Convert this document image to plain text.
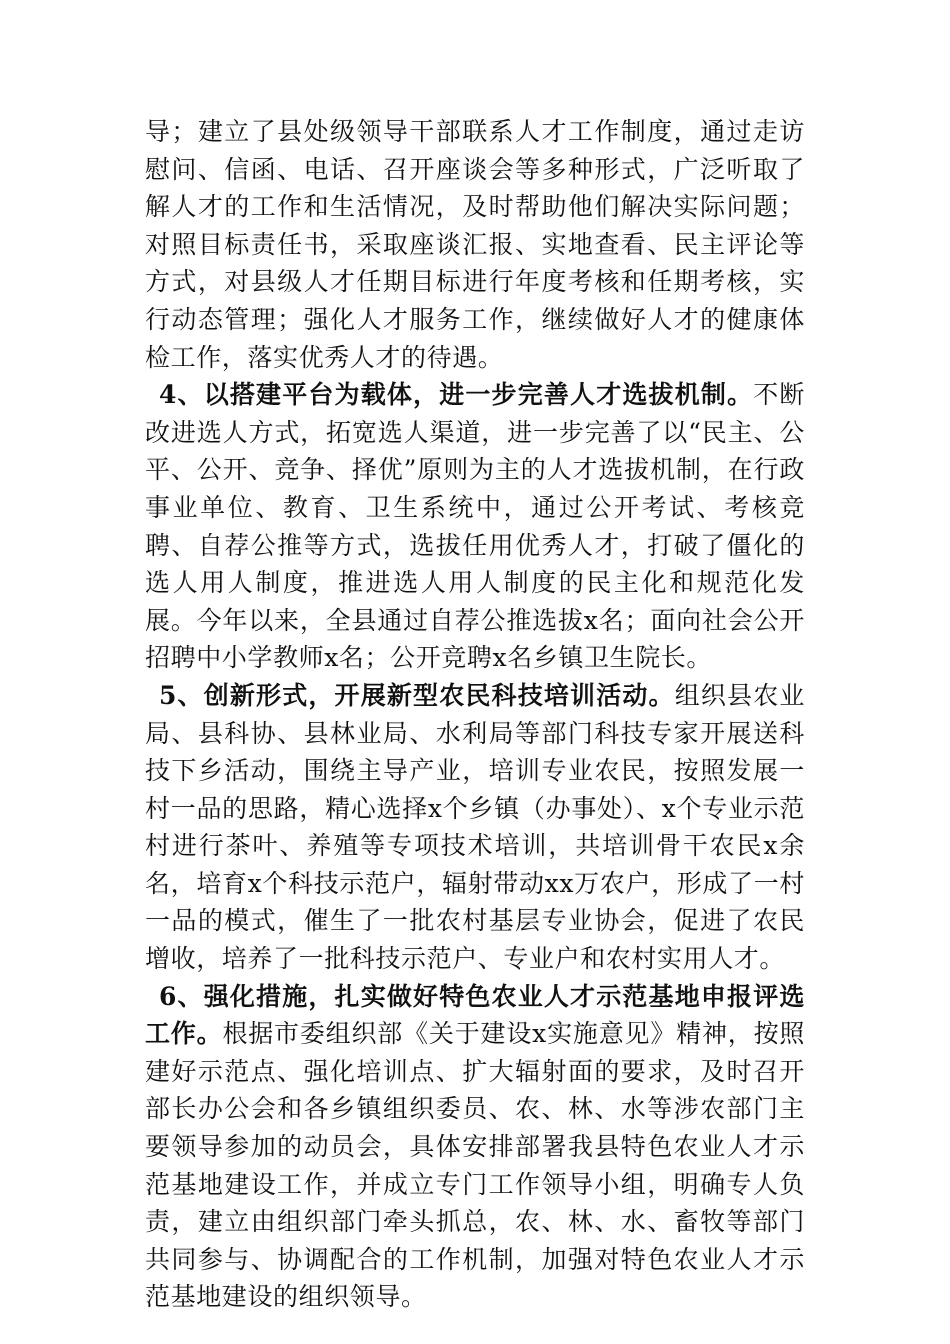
导；建立了县处级领导干部联系人才工作制度，通过走访慰问、信函、电话、召开座谈会等多种形式，广泛听取了解人才的工作和生活情况，及时帮助他们解决实际问题；对照目标责任书，采取座谈汇报、实地查看、民主评论等方式，对县级人才任期目标进行年度考核和任期考核，实行动态管理；强化人才服务工作，继续做好人才的健康体检工作，落实优秀人才的待遇。

4、以搭建平台为载体，进一步完善人才选拔机制。不断改进选人方式，拓宽选人渠道，进一步完善了以“民主、公平、公开、竞争、择优”原则为主的人才选拔机制，在行政事业单位、教育、卫生系统中，通过公开考试、考核竞聘、自荐公推等方式，选拔任用优秀人才，打破了僵化的选人用人制度，推进选人用人制度的民主化和规范化发展。今年以来，全县通过自荐公推选拔x名；面向社会公开招聘中小学教师x名；公开竞聘x名乡镇卫生院长。

5、创新形式，开展新型农民科技培训活动。组织县农业局、县科协、县林业局、水利局等部门科技专家开展送科技下乡活动，围绕主导产业，培训专业农民，按照发展一村一品的思路，精心选择x个乡镇（办事处）、x个专业示范村进行茶叶、养殖等专项技术培训，共培训骨干农民x余名，培育x个科技示范户，辐射带动xx万农户，形成了一村一品的模式，催生了一批农村基层专业协会，促进了农民增收，培养了一批科技示范户、专业户和农村实用人才。

6、强化措施，扎实做好特色农业人才示范基地申报评选工作。根据市委组织部《关于建设x实施意见》精神，按照建好示范点、强化培训点、扩大辐射面的要求，及时召开部长办公会和各乡镇组织委员、农、林、水等涉农部门主要领导参加的动员会，具体安排部署我县特色农业人才示范基地建设工作，并成立专门工作领导小组，明确专人负责，建立由组织部门牵头抓总，农、林、水、畜牧等部门共同参与、协调配合的工作机制，加强对特色农业人才示范基地建设的组织领导。
